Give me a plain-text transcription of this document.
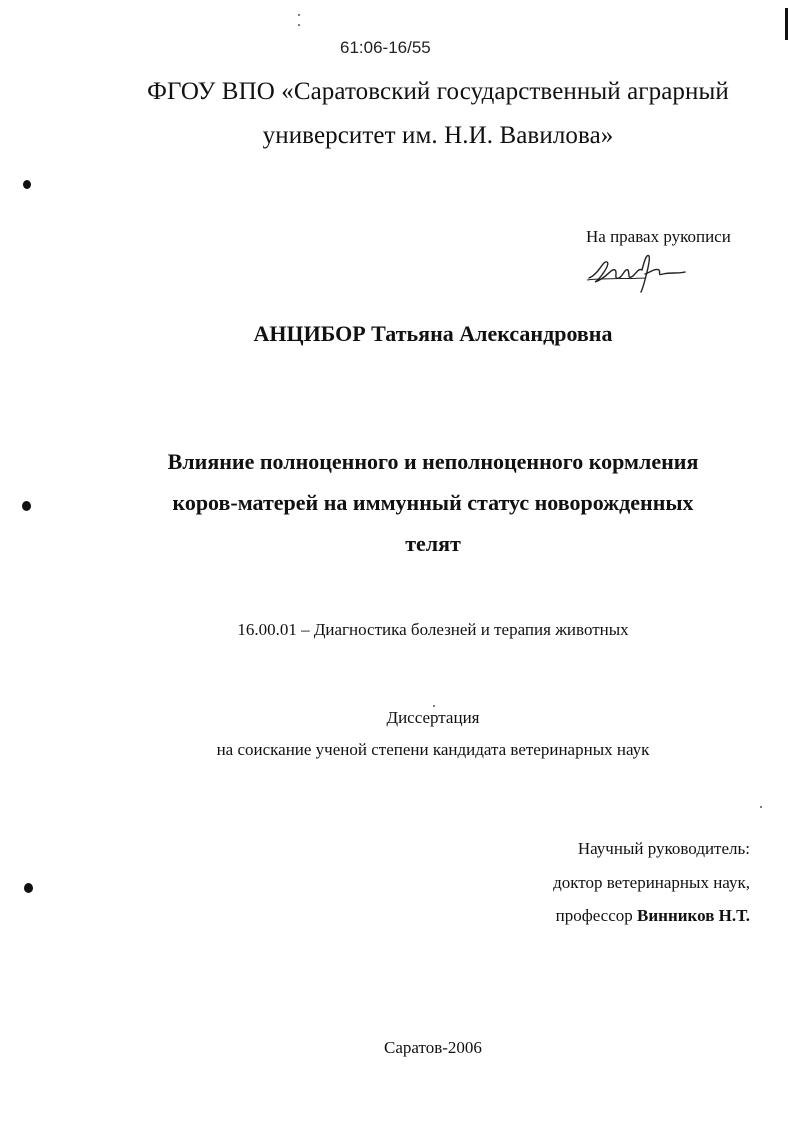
61:06-16/55
ФГОУ ВПО «Саратовский государственный аграрный
университет им. Н.И. Вавилова»
На правах рукописи
АНЦИБОР Татьяна Александровна
Влияние полноценного и неполноценного кормления
коров-матерей на иммунный статус новорожденных
телят
16.00.01 – Диагностика болезней и терапия животных
Диссертация
на соискание ученой степени кандидата ветеринарных наук
Научный руководитель:
доктор ветеринарных наук,
профессор Винников Н.Т.
Саратов-2006
